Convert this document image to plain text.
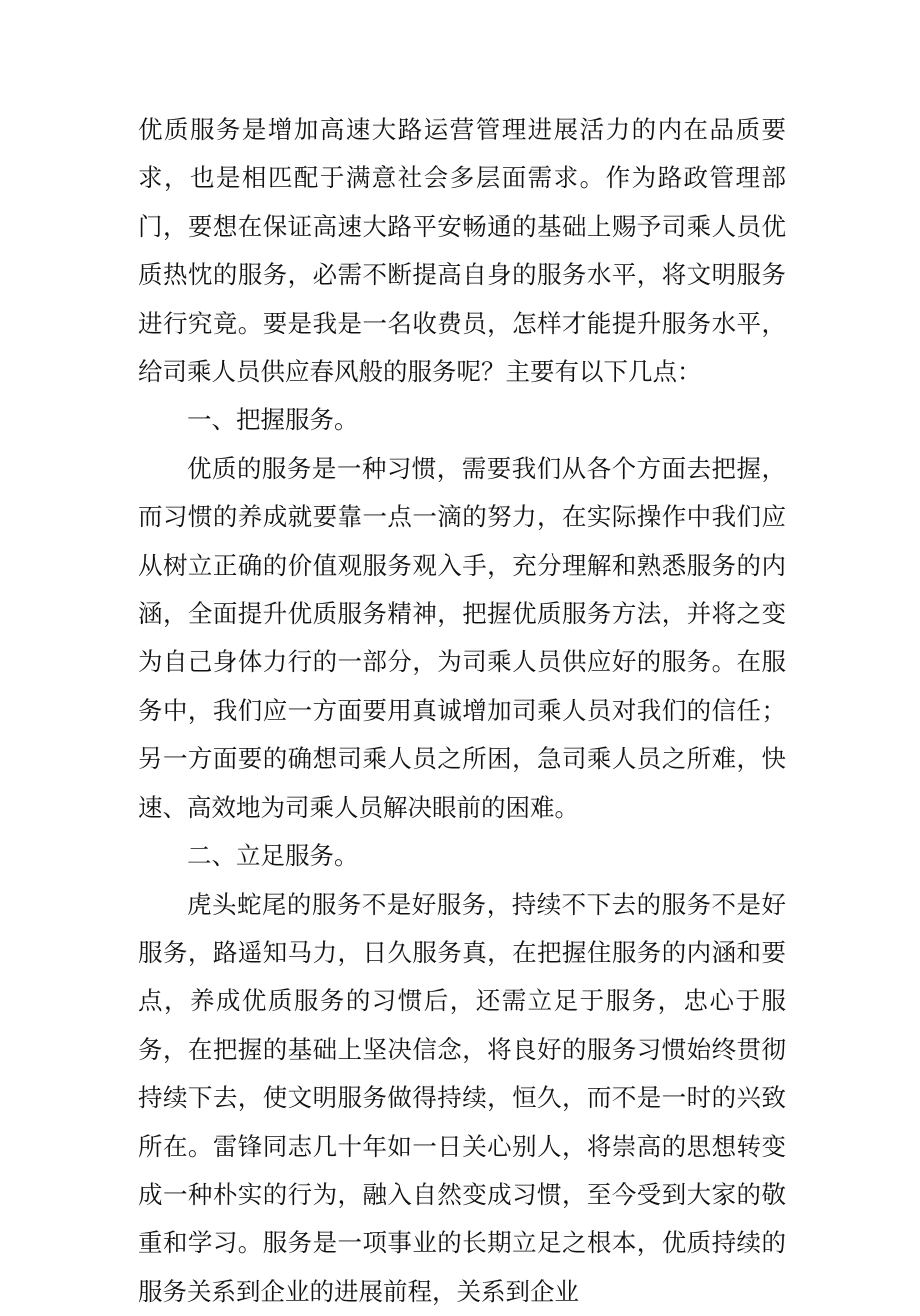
优质服务是增加高速大路运营管理进展活力的内在品质要求，也是相匹配于满意社会多层面需求。作为路政管理部门，要想在保证高速大路平安畅通的基础上赐予司乘人员优质热忱的服务，必需不断提高自身的服务水平，将文明服务进行究竟。要是我是一名收费员，怎样才能提升服务水平，给司乘人员供应春风般的服务呢？主要有以下几点：

一、把握服务。

优质的服务是一种习惯，需要我们从各个方面去把握，而习惯的养成就要靠一点一滴的努力，在实际操作中我们应从树立正确的价值观服务观入手，充分理解和熟悉服务的内涵，全面提升优质服务精神，把握优质服务方法，并将之变为自己身体力行的一部分，为司乘人员供应好的服务。在服务中，我们应一方面要用真诚增加司乘人员对我们的信任；另一方面要的确想司乘人员之所困，急司乘人员之所难，快速、高效地为司乘人员解决眼前的困难。

二、立足服务。

虎头蛇尾的服务不是好服务，持续不下去的服务不是好服务，路遥知马力，日久服务真，在把握住服务的内涵和要点，养成优质服务的习惯后，还需立足于服务，忠心于服务，在把握的基础上坚决信念，将良好的服务习惯始终贯彻持续下去，使文明服务做得持续，恒久，而不是一时的兴致所在。雷锋同志几十年如一日关心别人，将崇高的思想转变成一种朴实的行为，融入自然变成习惯，至今受到大家的敬重和学习。服务是一项事业的长期立足之根本，优质持续的服务关系到企业的进展前程，关系到企业
